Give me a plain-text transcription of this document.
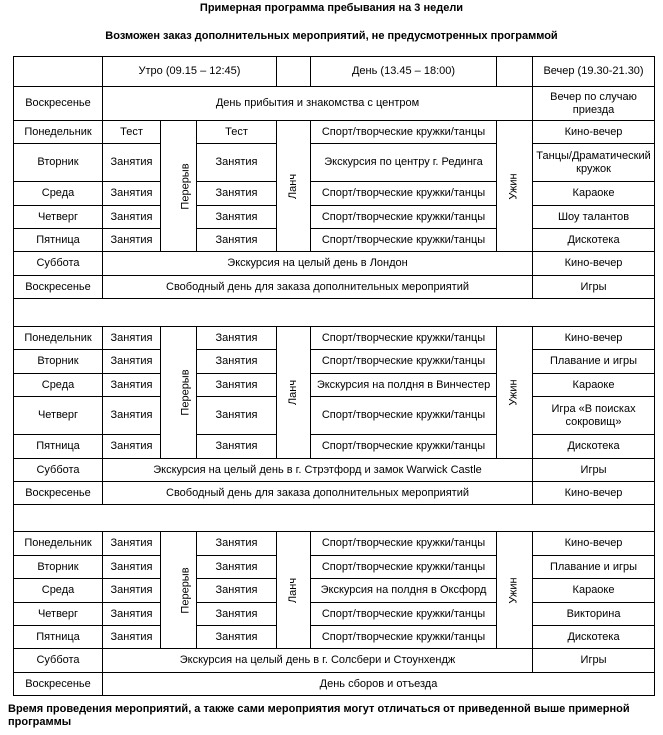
Примерная программа пребывания на 3 недели
Возможен заказ дополнительных мероприятий, не предусмотренных программой
	Утро (09.15 – 12:45)				День (13.45 – 18:00)		Вечер (19.30-21.30)
Воскресенье	День прибытия и знакомства с центром						Вечер по случаю приезда
Понедельник	Тест	Перерыв	Тест	Ланч	Спорт/творческие кружки/танцы	Ужин	Кино-вечер
Вторник	Занятия		Занятия		Экскурсия по центру г. Рединга		Танцы/Драматический кружок
Среда	Занятия		Занятия		Спорт/творческие кружки/танцы		Караоке
Четверг	Занятия		Занятия		Спорт/творческие кружки/танцы		Шоу талантов
Пятница	Занятия		Занятия		Спорт/творческие кружки/танцы		Дискотека
Суббота	Экскурсия на целый день в Лондон						Кино-вечер
Воскресенье	Свободный день для заказа дополнительных мероприятий						Игры

Понедельник	Занятия	Перерыв	Занятия	Ланч	Спорт/творческие кружки/танцы	Ужин	Кино-вечер
Вторник	Занятия		Занятия		Спорт/творческие кружки/танцы		Плавание и игры
Среда	Занятия		Занятия		Экскурсия на полдня в Винчестер		Караоке
Четверг	Занятия		Занятия		Спорт/творческие кружки/танцы		Игра «В поисках сокровищ»
Пятница	Занятия		Занятия		Спорт/творческие кружки/танцы		Дискотека
Суббота	Экскурсия на целый день в г. Стрэтфорд и замок Warwick Castle						Игры
Воскресенье	Свободный день для заказа дополнительных мероприятий						Кино-вечер

Понедельник	Занятия	Перерыв	Занятия	Ланч	Спорт/творческие кружки/танцы	Ужин	Кино-вечер
Вторник	Занятия		Занятия		Спорт/творческие кружки/танцы		Плавание и игры
Среда	Занятия		Занятия		Экскурсия на полдня в Оксфорд		Караоке
Четверг	Занятия		Занятия		Спорт/творческие кружки/танцы		Викторина
Пятница	Занятия		Занятия		Спорт/творческие кружки/танцы		Дискотека
Суббота	Экскурсия на целый день в г. Солсбери и Стоунхендж						Игры
Воскресенье	День сборов и отъезда						
Время проведения мероприятий, а также сами мероприятия могут отличаться от приведенной выше примерной программы
